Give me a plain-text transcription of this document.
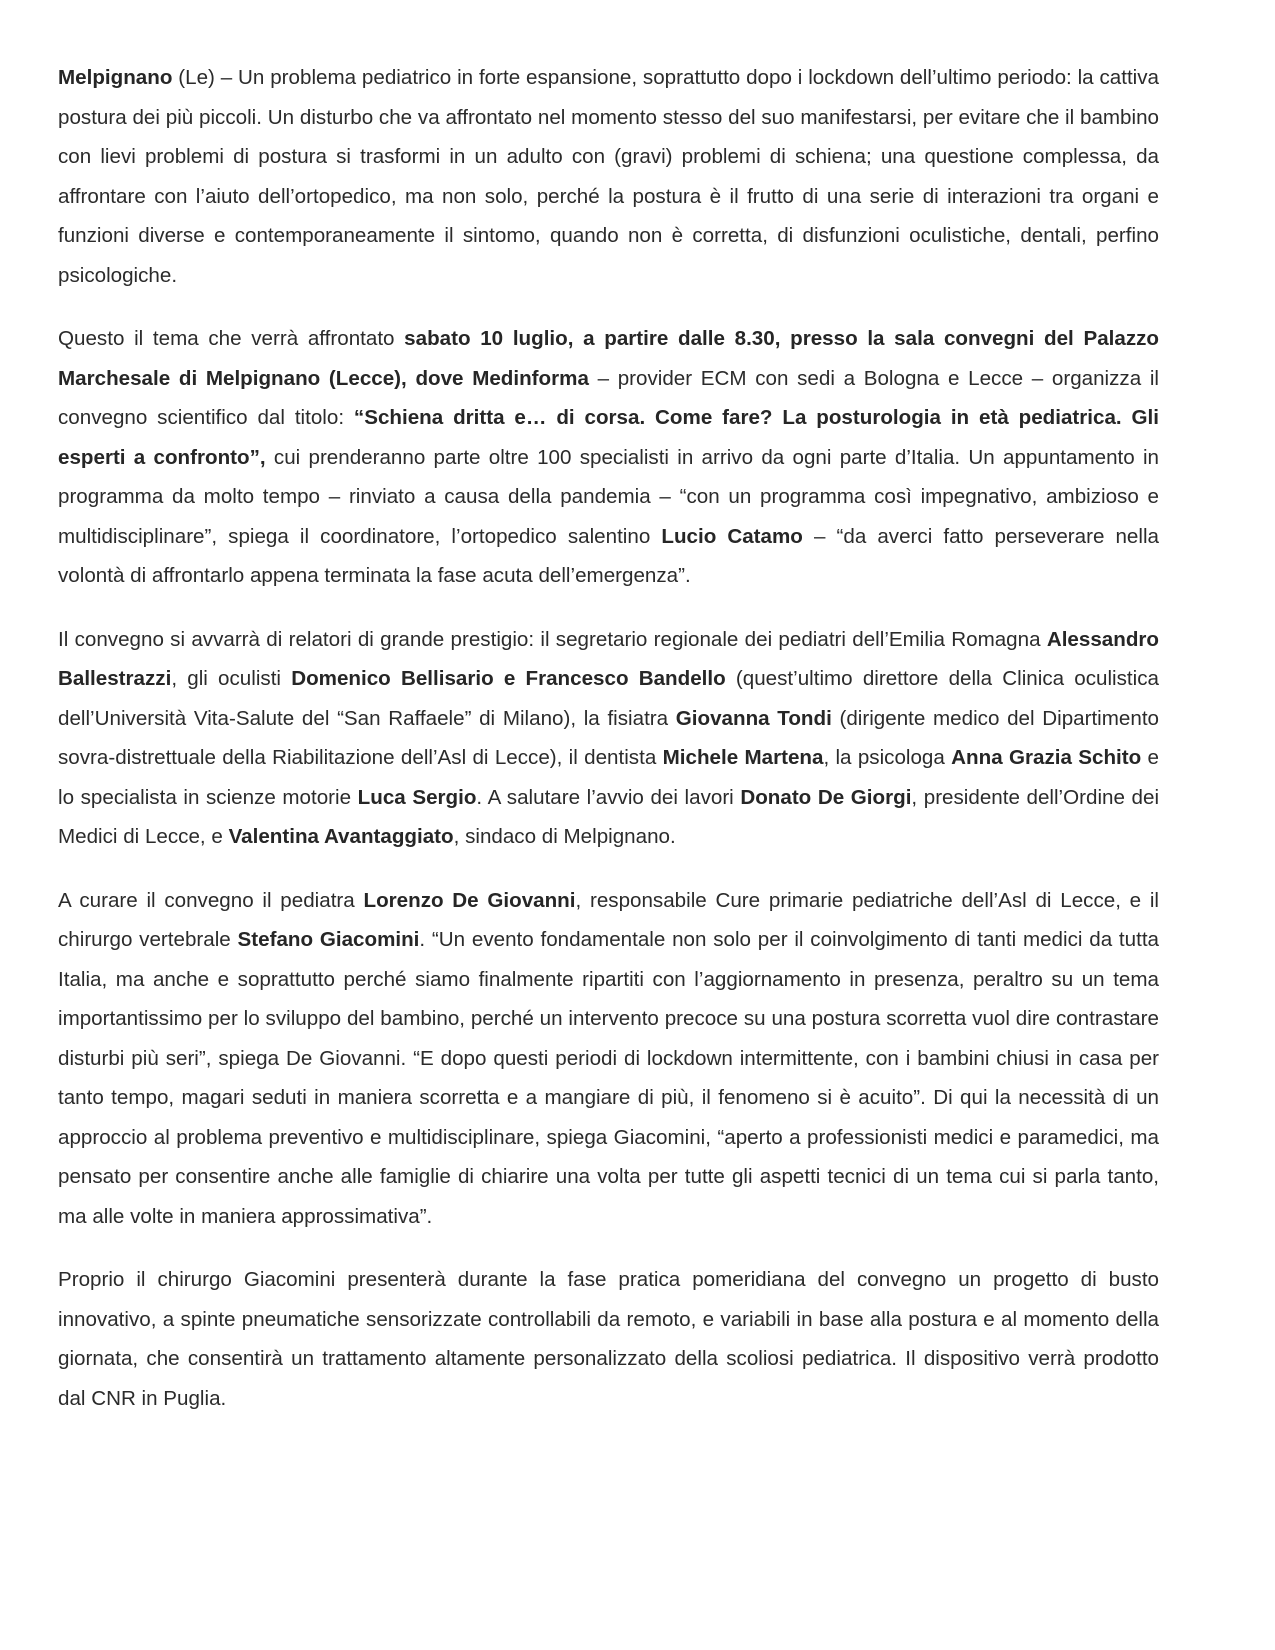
Melpignano (Le) – Un problema pediatrico in forte espansione, soprattutto dopo i lockdown dell’ultimo periodo: la cattiva postura dei più piccoli. Un disturbo che va affrontato nel momento stesso del suo manifestarsi, per evitare che il bambino con lievi problemi di postura si trasformi in un adulto con (gravi) problemi di schiena; una questione complessa, da affrontare con l’aiuto dell’ortopedico, ma non solo, perché la postura è il frutto di una serie di interazioni tra organi e funzioni diverse e contemporaneamente il sintomo, quando non è corretta, di disfunzioni oculistiche, dentali, perfino psicologiche.

Questo il tema che verrà affrontato sabato 10 luglio, a partire dalle 8.30, presso la sala convegni del Palazzo Marchesale di Melpignano (Lecce), dove Medinforma – provider ECM con sedi a Bologna e Lecce – organizza il convegno scientifico dal titolo: “Schiena dritta e… di corsa. Come fare? La posturologia in età pediatrica. Gli esperti a confronto”, cui prenderanno parte oltre 100 specialisti in arrivo da ogni parte d’Italia. Un appuntamento in programma da molto tempo – rinviato a causa della pandemia – “con un programma così impegnativo, ambizioso e multidisciplinare”, spiega il coordinatore, l’ortopedico salentino Lucio Catamo – “da averci fatto perseverare nella volontà di affrontarlo appena terminata la fase acuta dell’emergenza”.

Il convegno si avvarrà di relatori di grande prestigio: il segretario regionale dei pediatri dell’Emilia Romagna Alessandro Ballestrazzi, gli oculisti Domenico Bellisario e Francesco Bandello (quest’ultimo direttore della Clinica oculistica dell’Università Vita-Salute del “San Raffaele” di Milano), la fisiatra Giovanna Tondi (dirigente medico del Dipartimento sovra-distrettuale della Riabilitazione dell’Asl di Lecce), il dentista Michele Martena, la psicologa Anna Grazia Schito e lo specialista in scienze motorie Luca Sergio. A salutare l’avvio dei lavori Donato De Giorgi, presidente dell’Ordine dei Medici di Lecce, e Valentina Avantaggiato, sindaco di Melpignano.

A curare il convegno il pediatra Lorenzo De Giovanni, responsabile Cure primarie pediatriche dell’Asl di Lecce, e il chirurgo vertebrale Stefano Giacomini. “Un evento fondamentale non solo per il coinvolgimento di tanti medici da tutta Italia, ma anche e soprattutto perché siamo finalmente ripartiti con l’aggiornamento in presenza, peraltro su un tema importantissimo per lo sviluppo del bambino, perché un intervento precoce su una postura scorretta vuol dire contrastare disturbi più seri”, spiega De Giovanni. “E dopo questi periodi di lockdown intermittente, con i bambini chiusi in casa per tanto tempo, magari seduti in maniera scorretta e a mangiare di più, il fenomeno si è acuito”. Di qui la necessità di un approccio al problema preventivo e multidisciplinare, spiega Giacomini, “aperto a professionisti medici e paramedici, ma pensato per consentire anche alle famiglie di chiarire una volta per tutte gli aspetti tecnici di un tema cui si parla tanto, ma alle volte in maniera approssimativa”.

Proprio il chirurgo Giacomini presenterà durante la fase pratica pomeridiana del convegno un progetto di busto innovativo, a spinte pneumatiche sensorizzate controllabili da remoto, e variabili in base alla postura e al momento della giornata, che consentirà un trattamento altamente personalizzato della scoliosi pediatrica. Il dispositivo verrà prodotto dal CNR in Puglia.
